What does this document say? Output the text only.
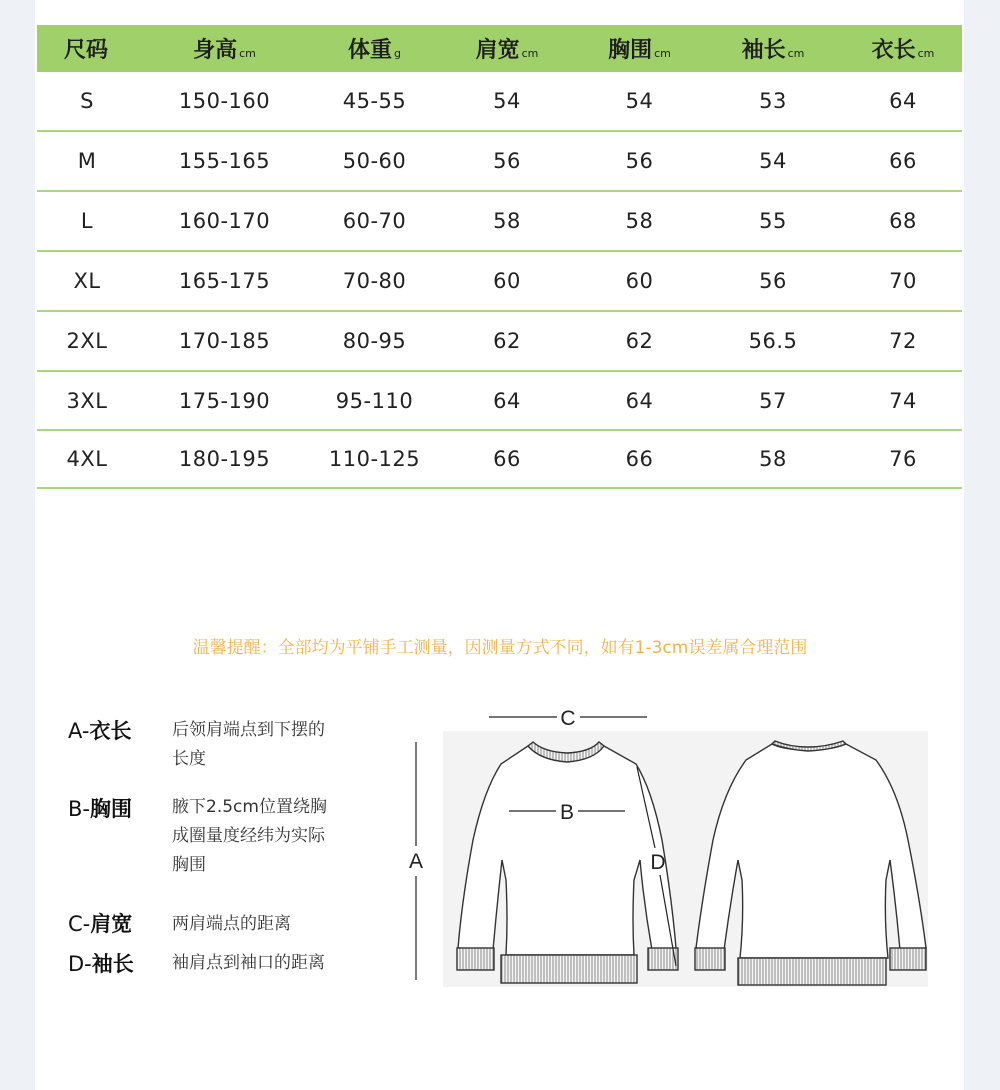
尺码	身高 cm	体重 g	肩宽 cm	胸围 cm	袖长 cm	衣长 cm
S	150-160	45-55	54	54	53	64
M	155-165	50-60	56	56	54	66
L	160-170	60-70	58	58	55	68
XL	165-175	70-80	60	60	56	70
2XL	170-185	80-95	62	62	56.5	72
3XL	175-190	95-110	64	64	57	74
4XL	180-195	110-125	66	66	58	76
温馨提醒：全部均为平铺手工测量，因测量方式不同，如有1-3cm误差属合理范围
A-衣长 后领肩端点到下摆的
长度
B-胸围 腋下2.5cm位置绕胸
成圈量度经纬为实际
胸围
C-肩宽 两肩端点的距离
D-袖长 袖肩点到袖口的距离
C
B
A	D
